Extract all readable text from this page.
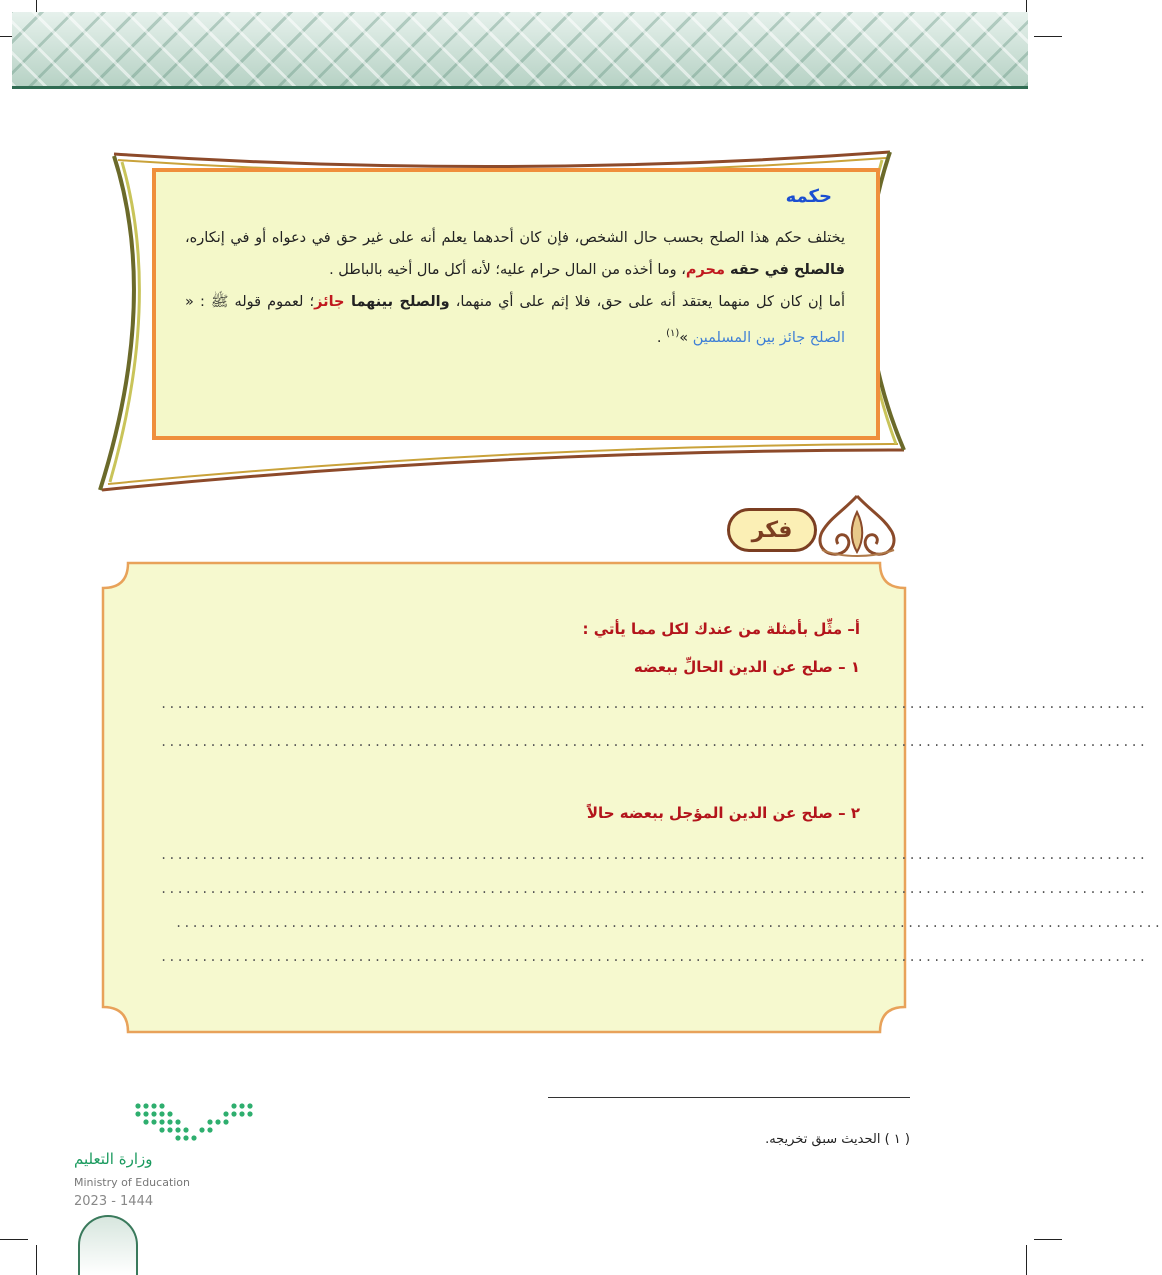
حكمه

يختلف حكم هذا الصلح بحسب حال الشخص، فإن كان أحدهما يعلم أنه على غير حق في دعواه أو في إنكاره، فالصلح في حقه محرم، وما أخذه من المال حرام عليه؛ لأنه أكل مال أخيه بالباطل .

أما إن كان كل منهما يعتقد أنه على حق، فلا إثم على أي منهما، والصلح بينهما جائز؛ لعموم قوله ﷺ : « الصلح جائز بين المسلمين »$^{(١)}$ .

فكر
أ– مثِّل بأمثلة من عندك لكل مما يأتي :
١ – صلح عن الدين الحالِّ ببعضه
........................................................................................................................
........................................................................................................................
٢ – صلح عن الدين المؤجل ببعضه حالاً
........................................................................................................................
........................................................................................................................
........................................................................................................................
........................................................................................................................
( ١ ) الحديث سبق تخريجه.
وزارة التعليم
Ministry of Education
2023 - 1444
